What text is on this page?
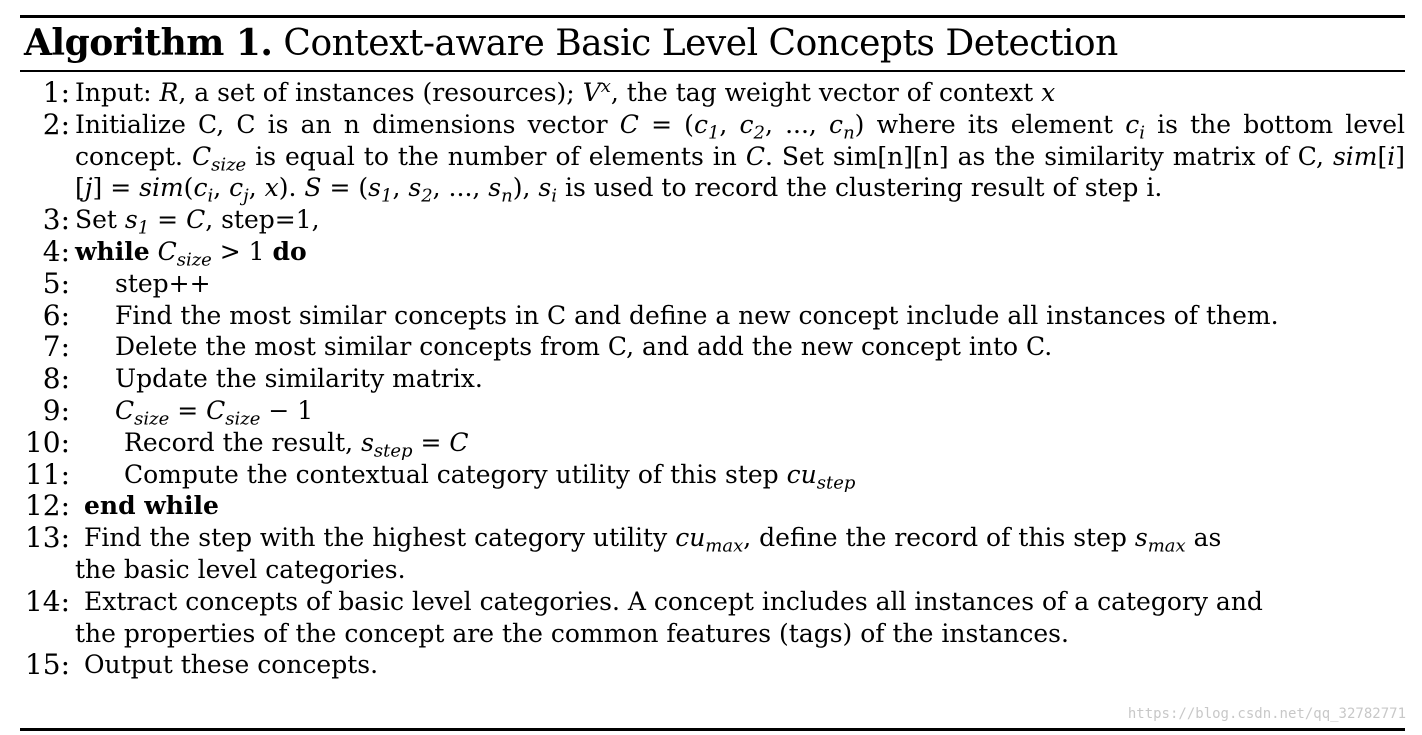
Algorithm 1. Context-aware Basic Level Concepts Detection
1: Input: R, a set of instances (resources); $V^x$, the tag weight vector of context x
2: Initialize C, C is an n dimensions vector $C = (c_1$, $c_2$, ..., $c_n$) where its element $c_i$ is the bottom level concept. $C_{size}$ is equal to the number of elements in C. Set sim[n][n] as the similarity matrix of C, $sim[i][j] = sim(c_i$, $c_j$, x). $S = (s_1$, $s_2$, ..., $s_n$), $s_i$ is used to record the clustering result of step i.
3: Set $s_1 = C$, step=1,
4: while $C_{size} > 1$ do
5: step++
6: Find the most similar concepts in C and define a new concept include all instances of them.
7: Delete the most similar concepts from C, and add the new concept into C.
8: Update the similarity matrix.
9: $C_{size} = C_{size} - 1$
10: Record the result, $s_{step} = C$
11: Compute the contextual category utility of this step $cu_{step}$
12: end while
13: Find the step with the highest category utility $cu_{max}$, define the record of this step $s_{max}$ as
the basic level categories.
14: Extract concepts of basic level categories. A concept includes all instances of a category and
the properties of the concept are the common features (tags) of the instances.
15: Output these concepts.
https://blog.csdn.net/qq_32782771
